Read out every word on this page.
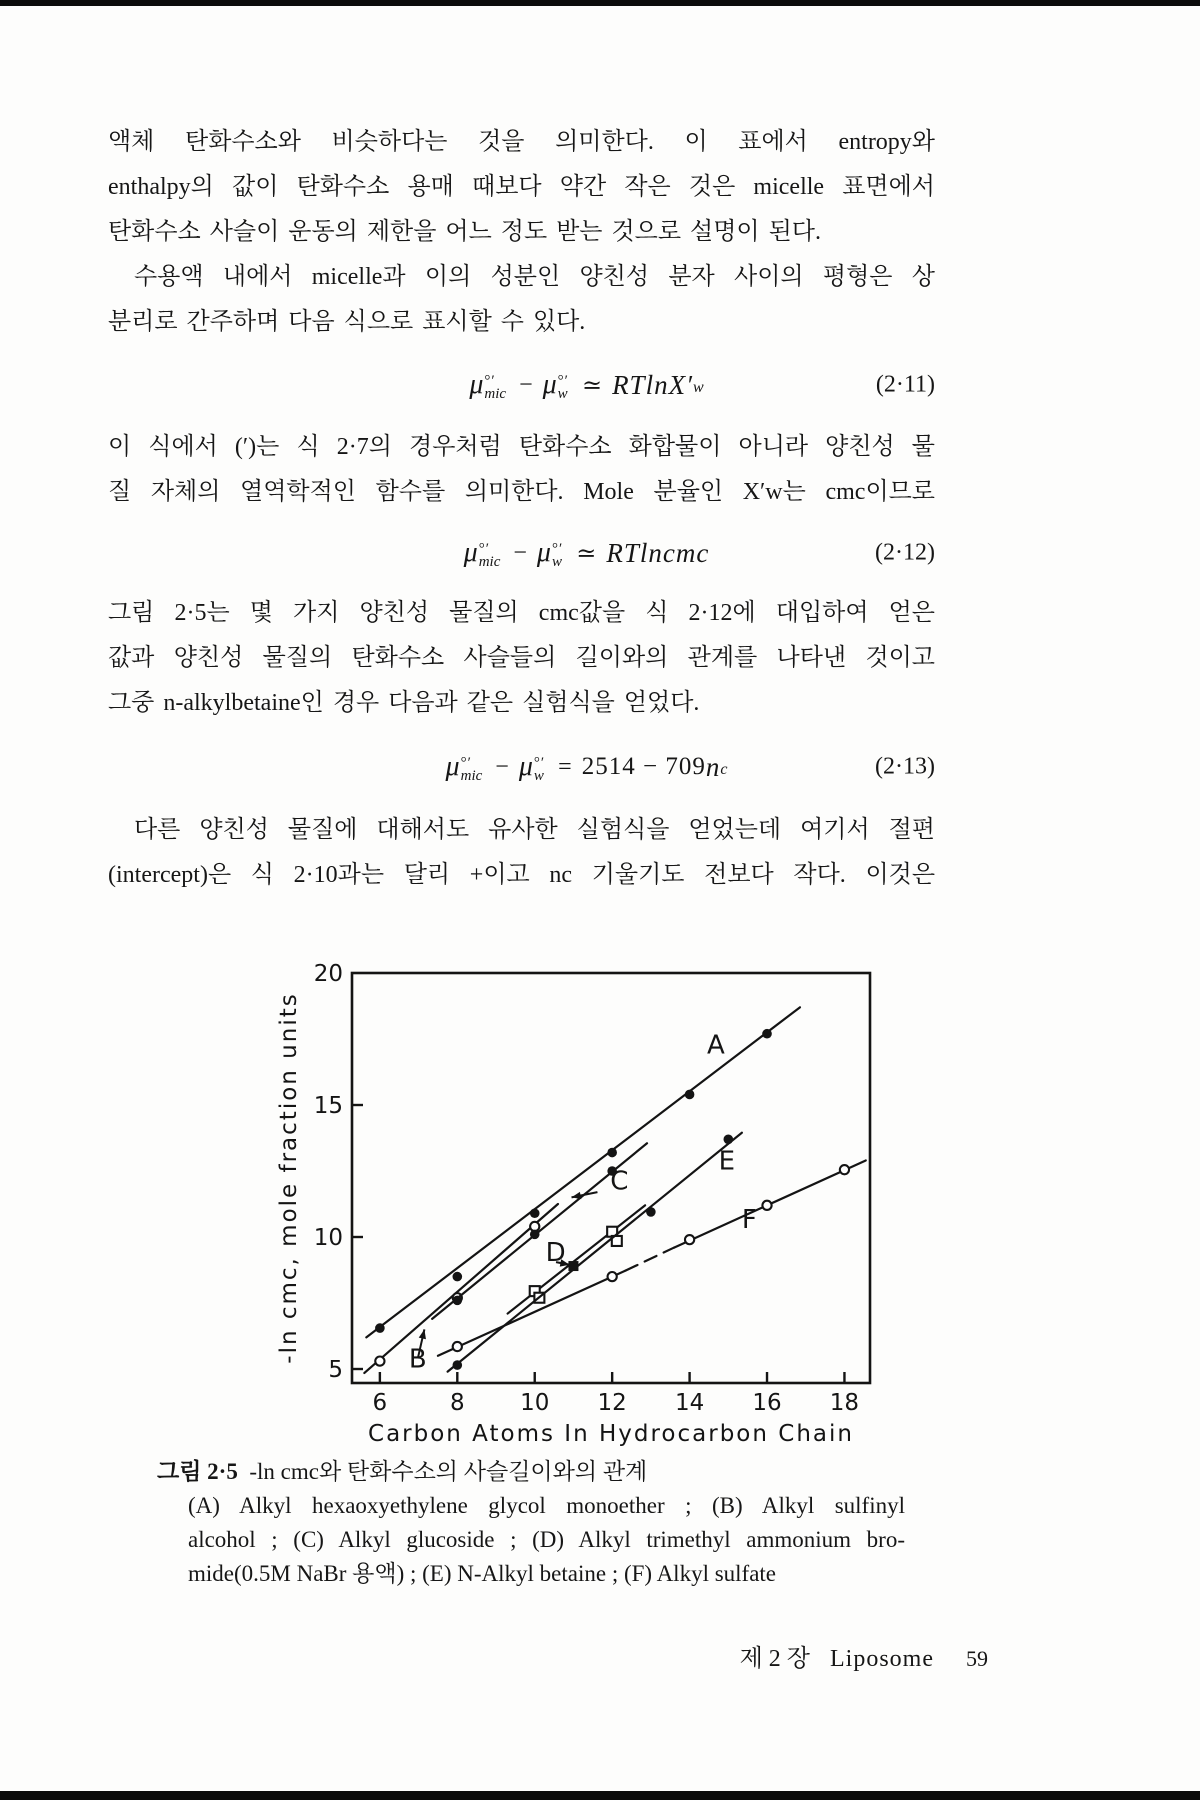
액체 탄화수소와 비슷하다는 것을 의미한다. 이 표에서 entropy와
enthalpy의 값이 탄화수소 용매 때보다 약간 작은 것은 micelle 표면에서
탄화수소 사슬이 운동의 제한을 어느 정도 받는 것으로 설명이 된다.
수용액 내에서 micelle과 이의 성분인 양친성 분자 사이의 평형은 상
분리로 간주하며 다음 식으로 표시할 수 있다.
μ °′
mic − μ °′
w ≃ RTlnX′ w	(2·11)
이 식에서 (′)는 식 2·7의 경우처럼 탄화수소 화합물이 아니라 양친성 물
질 자체의 열역학적인 함수를 의미한다. Mole 분율인 X′w는 cmc이므로
μ °′
mic − μ °′
w ≃ RTlncmc	(2·12)
그림 2·5는 몇 가지 양친성 물질의 cmc값을 식 2·12에 대입하여 얻은
값과 양친성 물질의 탄화수소 사슬들의 길이와의 관계를 나타낸 것이고
그중 n-alkylbetaine인 경우 다음과 같은 실험식을 얻었다.
μ °′
mic − μ °′
w = 2514 − 709 n c	(2·13)
다른 양친성 물질에 대해서도 유사한 실험식을 얻었는데 여기서 절편
(intercept)은 식 2·10과는 달리 +이고 nc 기울기도 전보다 작다. 이것은
5
10
15
20
6	8 10 12 14 16 18
Carbon Atoms In Hydrocarbon Chain
-ln cmc, mole fraction units	A
B
C
D
E
F
그림 2·5 -ln cmc와 탄화수소의 사슬길이와의 관계
(A) Alkyl hexaoxyethylene glycol monoether ; (B) Alkyl sulfinyl
alcohol ; (C) Alkyl glucoside ; (D) Alkyl trimethyl ammonium bro-
mide(0.5M NaBr 용액) ; (E) N-Alkyl betaine ; (F) Alkyl sulfate
제 2 장 Liposome 59
